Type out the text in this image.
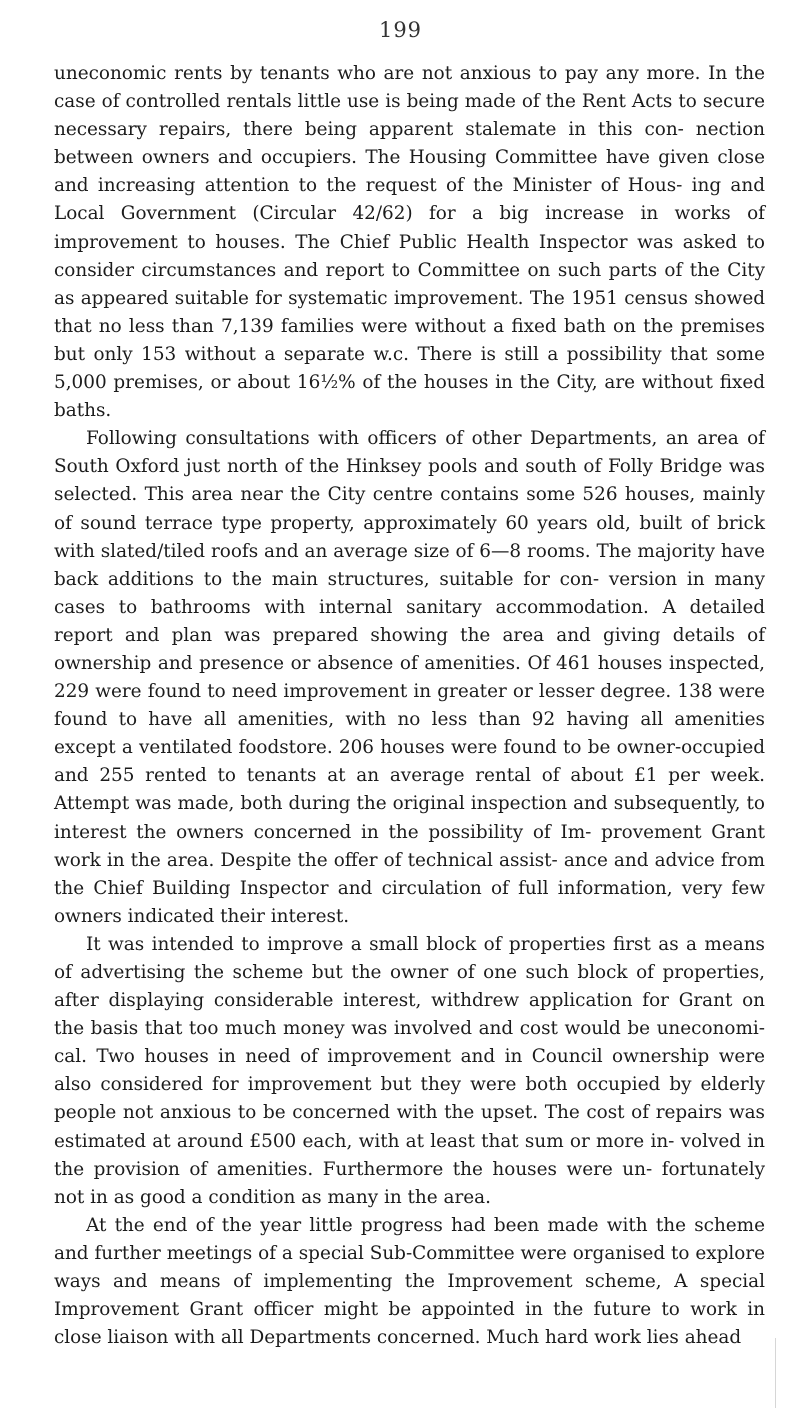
199

uneconomic rents by tenants who are not anxious to pay any more. In the case of controlled rentals little use is being made of the Rent Acts to secure necessary repairs, there being apparent stalemate in this con- nection between owners and occupiers. The Housing Committee have given close and increasing attention to the request of the Minister of Hous- ing and Local Government (Circular 42/62) for a big increase in works of improvement to houses. The Chief Public Health Inspector was asked to consider circumstances and report to Committee on such parts of the City as appeared suitable for systematic improvement. The 1951 census showed that no less than 7,139 families were without a fixed bath on the premises but only 153 without a separate w.c. There is still a possibility that some 5,000 premises, or about 16½% of the houses in the City, are without fixed baths.

Following consultations with officers of other Departments, an area of South Oxford just north of the Hinksey pools and south of Folly Bridge was selected. This area near the City centre contains some 526 houses, mainly of sound terrace type property, approximately 60 years old, built of brick with slated/tiled roofs and an average size of 6—8 rooms. The majority have back additions to the main structures, suitable for con- version in many cases to bathrooms with internal sanitary accommodation. A detailed report and plan was prepared showing the area and giving details of ownership and presence or absence of amenities. Of 461 houses inspected, 229 were found to need improvement in greater or lesser degree. 138 were found to have all amenities, with no less than 92 having all amenities except a ventilated foodstore. 206 houses were found to be owner-occupied and 255 rented to tenants at an average rental of about £1 per week. Attempt was made, both during the original inspection and subsequently, to interest the owners concerned in the possibility of Im- provement Grant work in the area. Despite the offer of technical assist- ance and advice from the Chief Building Inspector and circulation of full information, very few owners indicated their interest.

It was intended to improve a small block of properties first as a means of advertising the scheme but the owner of one such block of properties, after displaying considerable interest, withdrew application for Grant on the basis that too much money was involved and cost would be uneconomi- cal. Two houses in need of improvement and in Council ownership were also considered for improvement but they were both occupied by elderly people not anxious to be concerned with the upset. The cost of repairs was estimated at around £500 each, with at least that sum or more in- volved in the provision of amenities. Furthermore the houses were un- fortunately not in as good a condition as many in the area.

At the end of the year little progress had been made with the scheme and further meetings of a special Sub-Committee were organised to explore ways and means of implementing the Improvement scheme, A special Improvement Grant officer might be appointed in the future to work in close liaison with all Departments concerned. Much hard work lies ahead
